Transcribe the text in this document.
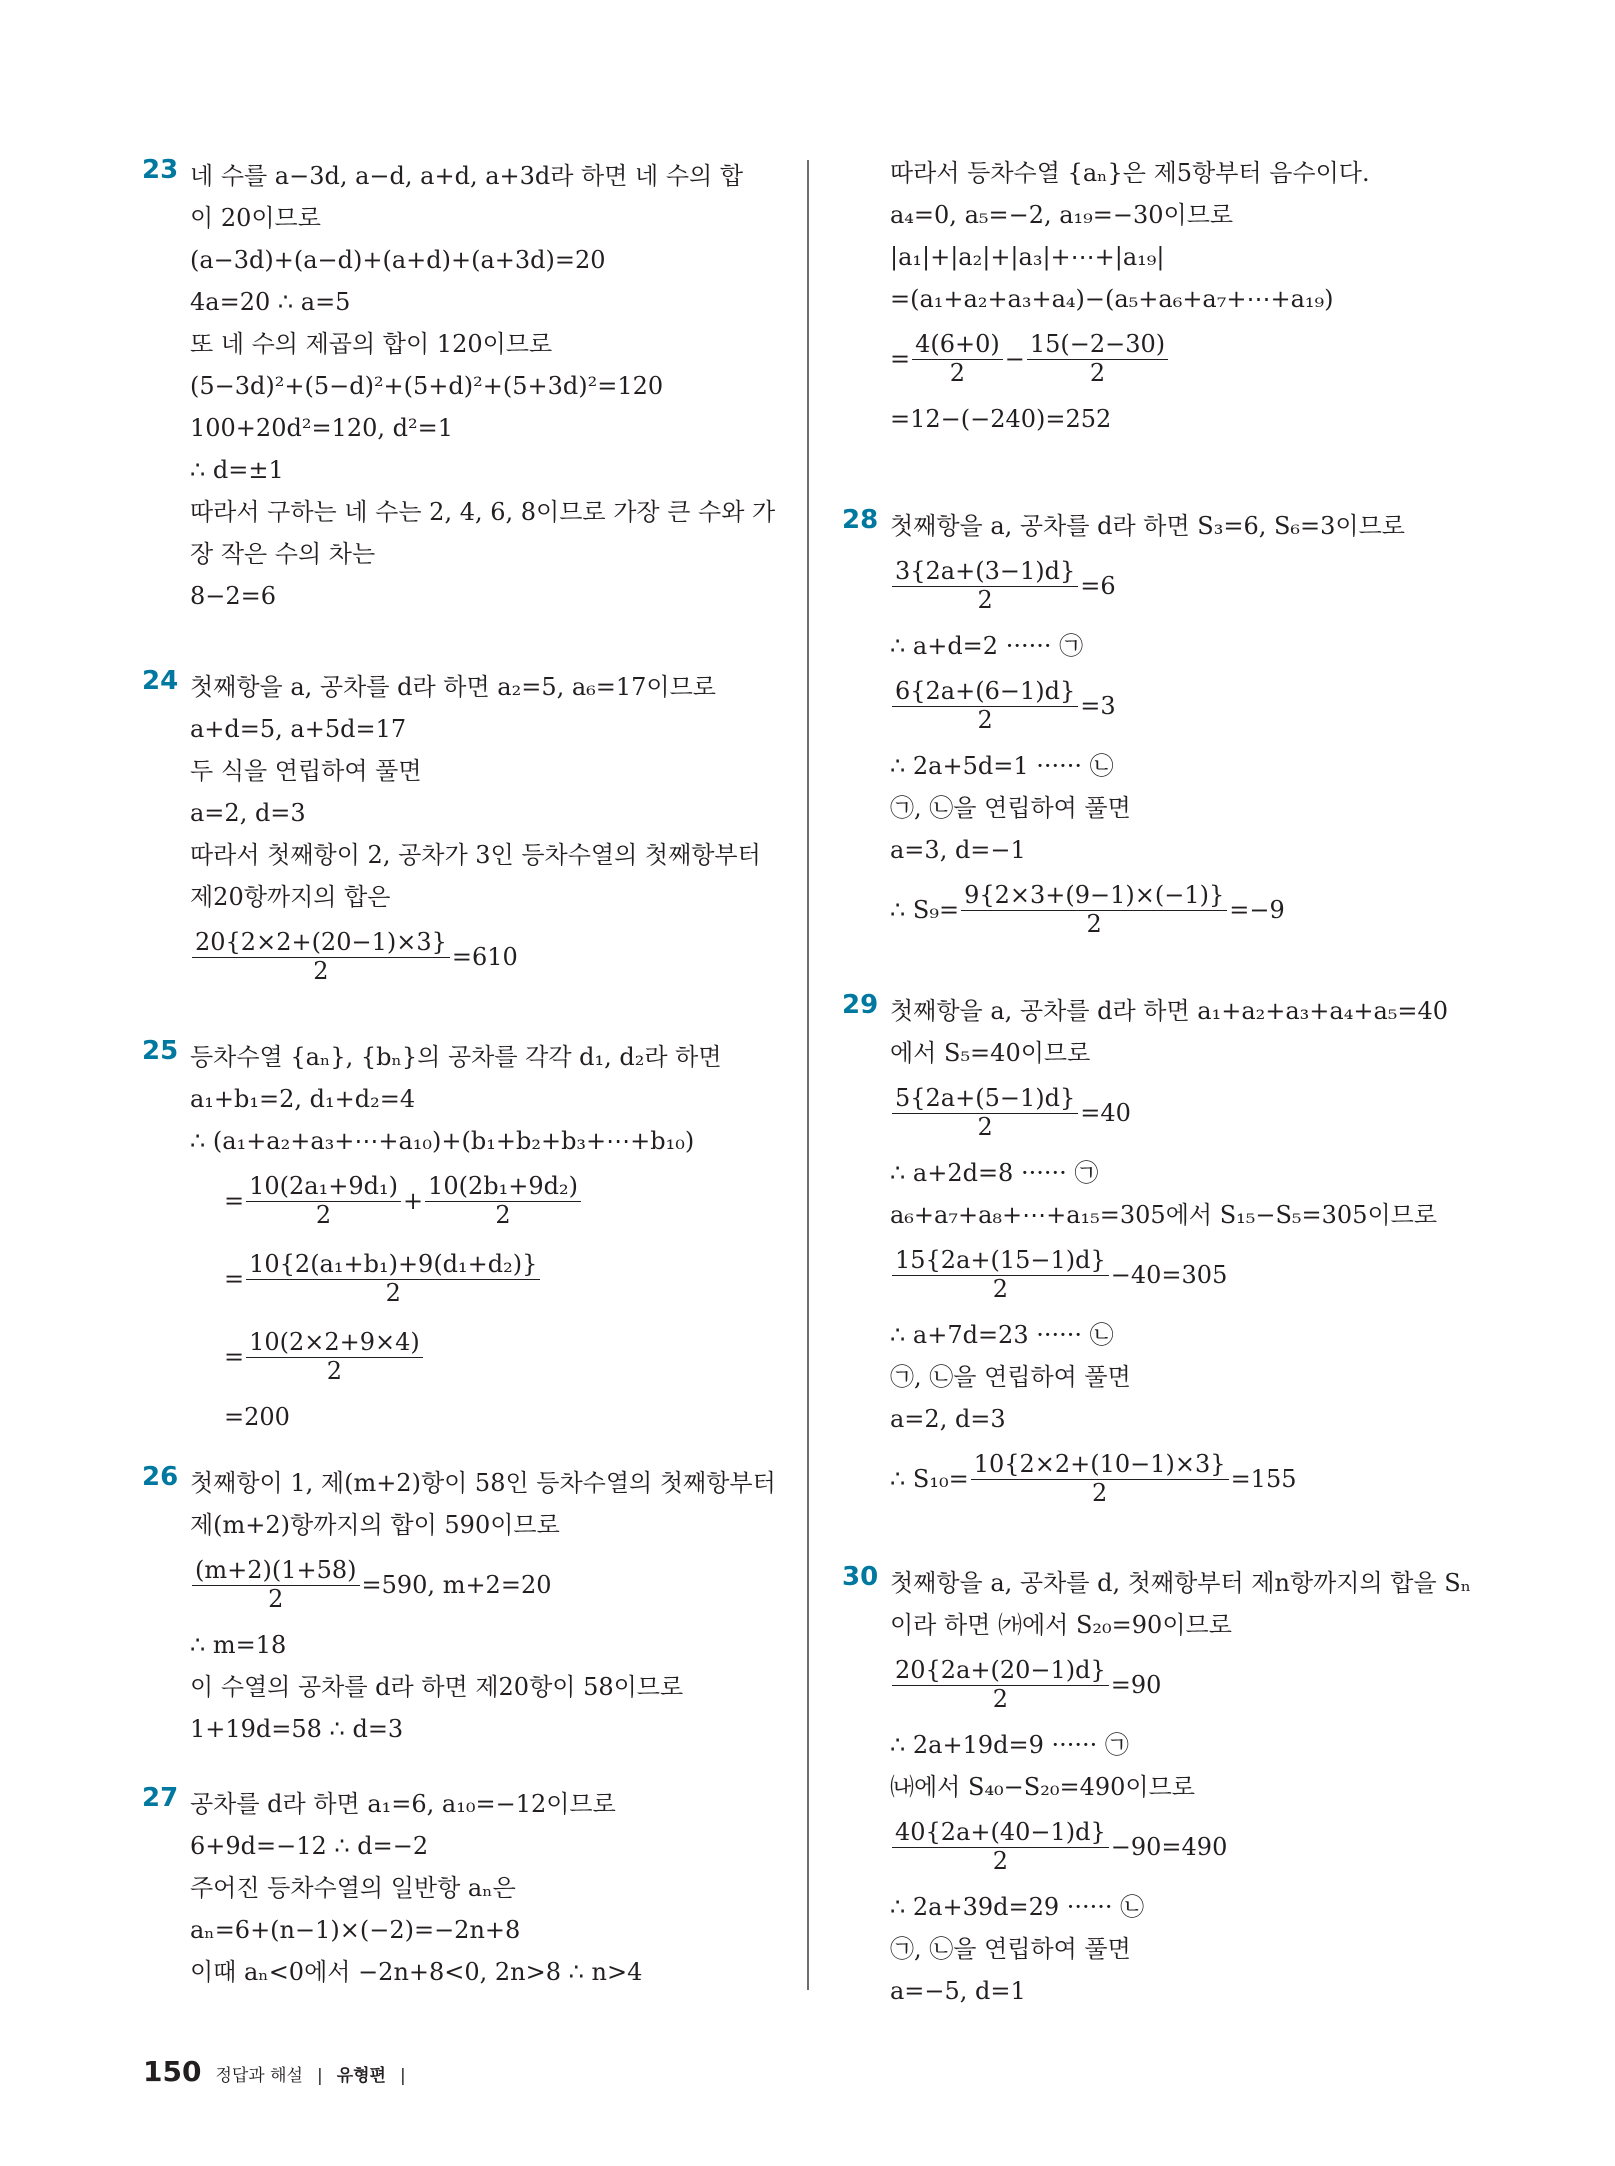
23 네 수를 a−3d, a−d, a+d, a+3d라 하면 네 수의 합
이 20이므로
(a−3d)+(a−d)+(a+d)+(a+3d)=20
4a=20 ∴ a=5
또 네 수의 제곱의 합이 120이므로
(5−3d)²+(5−d)²+(5+d)²+(5+3d)²=120
100+20d²=120, d²=1
∴ d=±1
따라서 구하는 네 수는 2, 4, 6, 8이므로 가장 큰 수와 가
장 작은 수의 차는
8−2=6
24 첫째항을 a, 공차를 d라 하면 a₂=5, a₆=17이므로
a+d=5, a+5d=17
두 식을 연립하여 풀면
a=2, d=3
따라서 첫째항이 2, 공차가 3인 등차수열의 첫째항부터
제20항까지의 합은
$\frac{20\{2\times 2+(20-1)\times 3\}}{2} =610$
25 등차수열 {aₙ}, {bₙ}의 공차를 각각 d₁, d₂라 하면
a₁+b₁=2, d₁+d₂=4
∴ (a₁+a₂+a₃+⋯+a₁₀)+(b₁+b₂+b₃+⋯+b₁₀)
= $\frac{\text{10(2a₁+9d₁)}}{2} + \frac{\text{10(2b₁+9d₂)}}{2}$
= $\frac{\text{10\{2(a₁+b₁)+9(d₁+d₂)\}}}{2}$
= $\frac{10(2\times 2+9\times 4)}{2}$
=200
26 첫째항이 1, 제(m+2)항이 58인 등차수열의 첫째항부터
제(m+2)항까지의 합이 590이므로
$\frac{(m+2)(1+58)}{2} =590$, m+2=20
∴ m=18
이 수열의 공차를 d라 하면 제20항이 58이므로
1+19d=58 ∴ d=3
27 공차를 d라 하면 a₁=6, a₁₀=−12이므로
6+9d=−12 ∴ d=−2
주어진 등차수열의 일반항 aₙ은
aₙ=6+(n−1)×(−2)=−2n+8
이때 aₙ<0에서 −2n+8<0, 2n>8 ∴ n>4
따라서 등차수열 {aₙ}은 제5항부터 음수이다.
a₄=0, a₅=−2, a₁₉=−30이므로
|a₁|+|a₂|+|a₃|+⋯+|a₁₉|
=(a₁+a₂+a₃+a₄)−(a₅+a₆+a₇+⋯+a₁₉)
= $\frac{4(6+0)}{2} - \frac{15(-2-30)}{2}$
=12−(−240)=252
28 첫째항을 a, 공차를 d라 하면 S₃=6, S₆=3이므로
$\frac{3\{2a+(3-1)d\}}{2} =6$
∴ a+d=2 ······ ㉠
$\frac{6\{2a+(6-1)d\}}{2} =3$
∴ 2a+5d=1 ······ ㉡
㉠, ㉡을 연립하여 풀면
a=3, d=−1
∴ $S_9= \frac{9\{2\times 3+(9-1)\times(-1)\}}{2} =-9$
29 첫째항을 a, 공차를 d라 하면 a₁+a₂+a₃+a₄+a₅=40
에서 S₅=40이므로
$\frac{5\{2a+(5-1)d\}}{2} =40$
∴ a+2d=8 ······ ㉠
a₆+a₇+a₈+⋯+a₁₅=305에서 S₁₅−S₅=305이므로
$\frac{15\{2a+(15-1)d\}}{2} -40=305$
∴ a+7d=23 ······ ㉡
㉠, ㉡을 연립하여 풀면
a=2, d=3
∴ $S_{10}= \frac{10\{2\times 2+(10-1)\times 3\}}{2} =155$
30 첫째항을 a, 공차를 d, 첫째항부터 제n항까지의 합을 Sₙ
이라 하면 ㈎에서 S₂₀=90이므로
$\frac{20\{2a+(20-1)d\}}{2} =90$
∴ 2a+19d=9 ······ ㉠
㈏에서 S₄₀−S₂₀=490이므로
$\frac{40\{2a+(40-1)d\}}{2} -90=490$
∴ 2a+39d=29 ······ ㉡
㉠, ㉡을 연립하여 풀면
a=−5, d=1
150 정답과 해설 | 유형편 |
